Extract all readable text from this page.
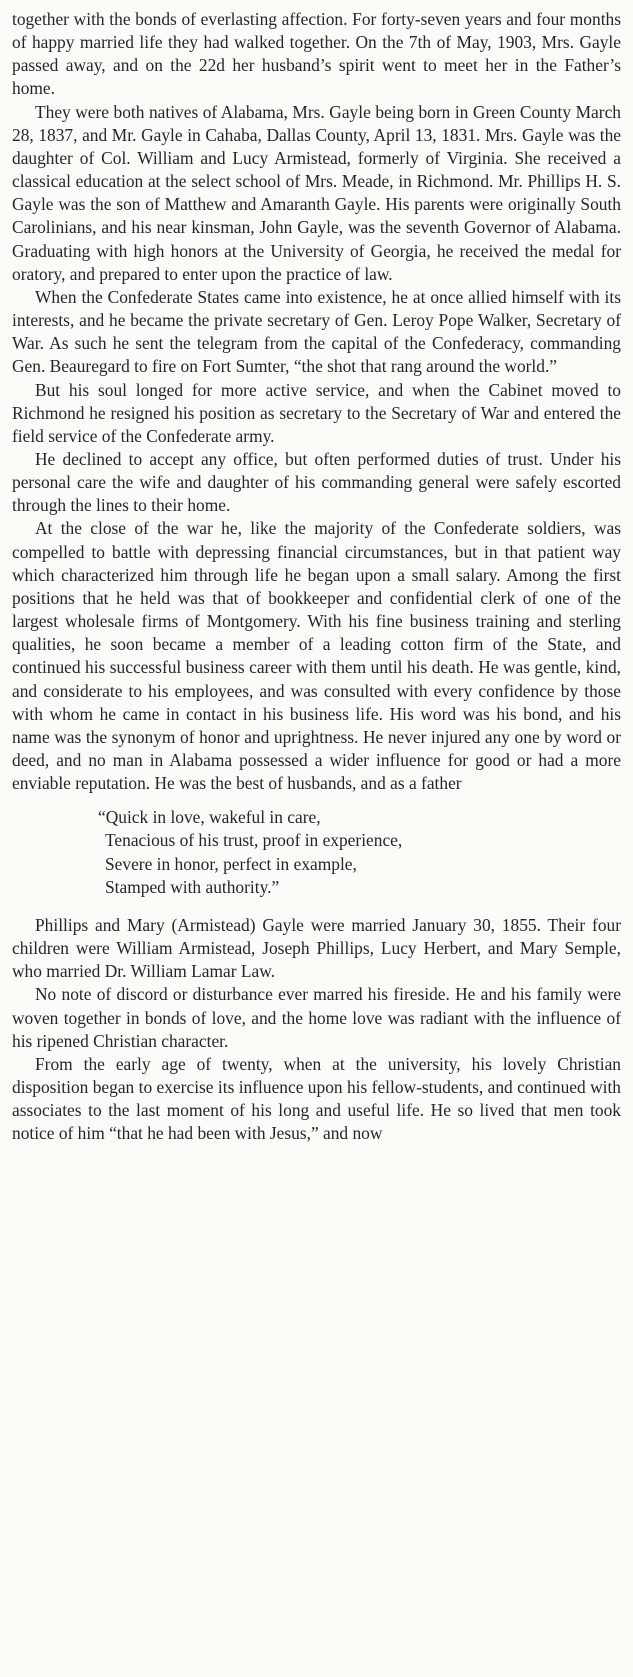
together with the bonds of everlasting affection. For forty-seven years and four months of happy married life they had walked together. On the 7th of May, 1903, Mrs. Gayle passed away, and on the 22d her husband’s spirit went to meet her in the Father’s home.

They were both natives of Alabama, Mrs. Gayle being born in Green County March 28, 1837, and Mr. Gayle in Cahaba, Dallas County, April 13, 1831. Mrs. Gayle was the daughter of Col. William and Lucy Armistead, formerly of Virginia. She received a classical education at the select school of Mrs. Meade, in Richmond. Mr. Phillips H. S. Gayle was the son of Matthew and Amaranth Gayle. His parents were originally South Carolinians, and his near kinsman, John Gayle, was the seventh Governor of Alabama. Graduating with high honors at the University of Georgia, he received the medal for oratory, and prepared to enter upon the practice of law.

When the Confederate States came into existence, he at once allied himself with its interests, and he became the private secretary of Gen. Leroy Pope Walker, Secretary of War. As such he sent the telegram from the capital of the Confederacy, commanding Gen. Beauregard to fire on Fort Sumter, “the shot that rang around the world.”

But his soul longed for more active service, and when the Cabinet moved to Richmond he resigned his position as secretary to the Secretary of War and entered the field service of the Confederate army.

He declined to accept any office, but often performed duties of trust. Under his personal care the wife and daughter of his commanding general were safely escorted through the lines to their home.

At the close of the war he, like the majority of the Confederate soldiers, was compelled to battle with depressing financial circumstances, but in that patient way which characterized him through life he began upon a small salary. Among the first positions that he held was that of bookkeeper and confidential clerk of one of the largest wholesale firms of Montgomery. With his fine business training and sterling qualities, he soon became a member of a leading cotton firm of the State, and continued his successful business career with them until his death. He was gentle, kind, and considerate to his employees, and was consulted with every confidence by those with whom he came in contact in his business life. His word was his bond, and his name was the synonym of honor and uprightness. He never injured any one by word or deed, and no man in Alabama possessed a wider influence for good or had a more enviable reputation. He was the best of husbands, and as a father

“Quick in love, wakeful in care,
Tenacious of his trust, proof in experience,
Severe in honor, perfect in example,
Stamped with authority.”

Phillips and Mary (Armistead) Gayle were married January 30, 1855. Their four children were William Armistead, Joseph Phillips, Lucy Herbert, and Mary Semple, who married Dr. William Lamar Law.

No note of discord or disturbance ever marred his fireside. He and his family were woven together in bonds of love, and the home love was radiant with the influence of his ripened Christian character.

From the early age of twenty, when at the university, his lovely Christian disposition began to exercise its influence upon his fellow-students, and continued with associates to the last moment of his long and useful life. He so lived that men took notice of him “that he had been with Jesus,” and now
